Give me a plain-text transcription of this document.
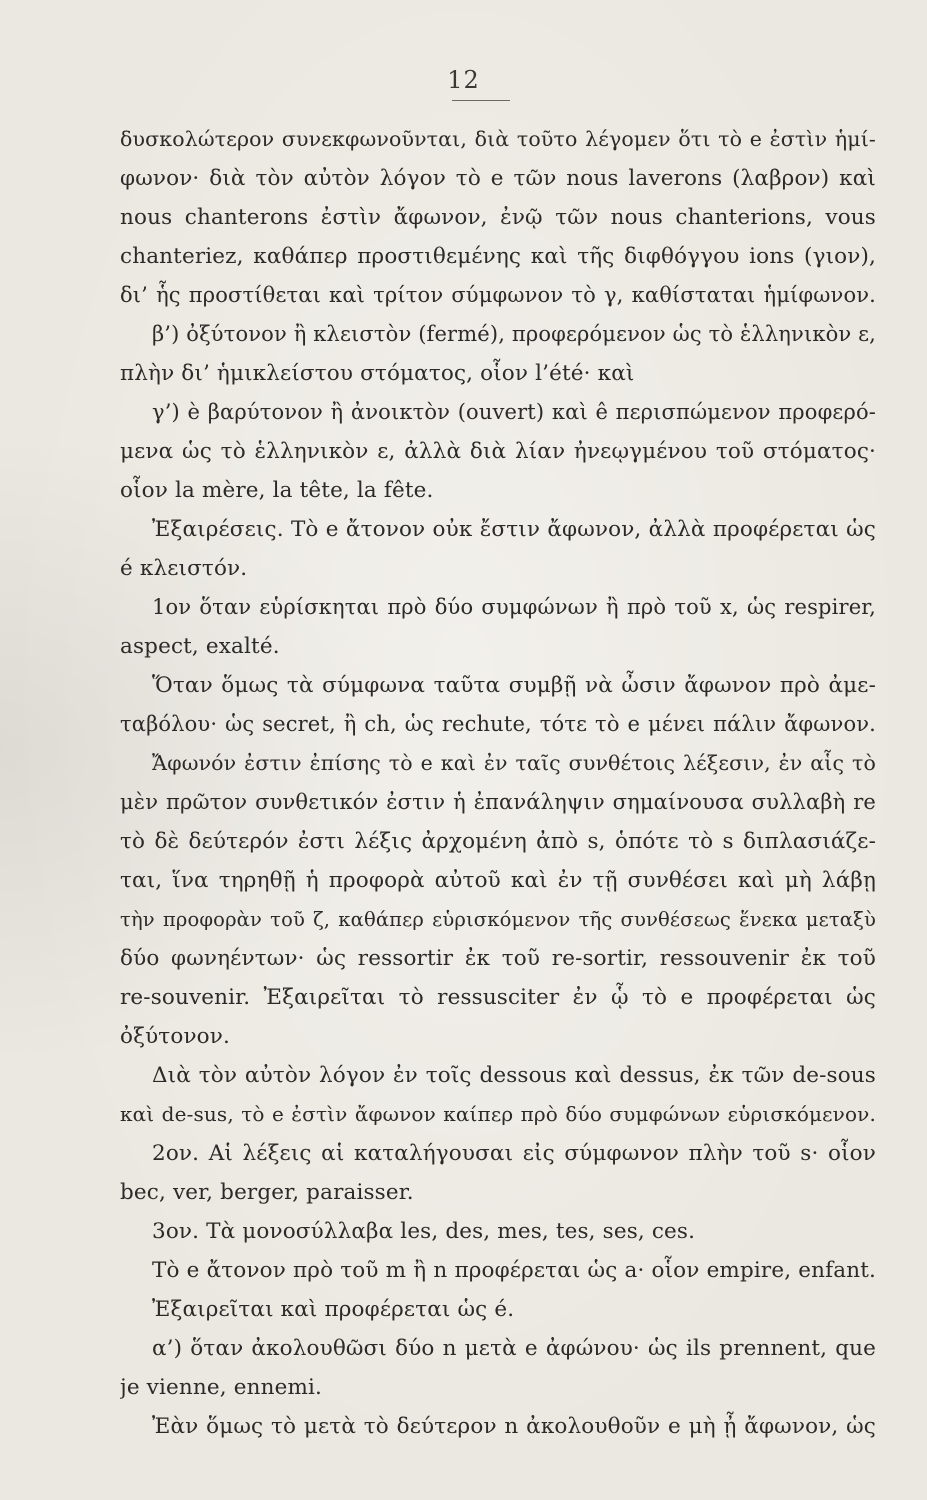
12
δυσκολώτερον συνεκφωνοῦνται, διὰ τοῦτο λέγομεν ὅτι τὸ e ἐστὶν ἡμί-
φωνον· διὰ τὸν αὐτὸν λόγον τὸ e τῶν nous laverons (λαβρον) καὶ
nous chanterons ἐστὶν ἄφωνον, ἐνῷ τῶν nous chanterions, vous
chanteriez, καθάπερ προστιθεμένης καὶ τῆς διφθόγγου ions (γιον),
δι’ ἧς προστίθεται καὶ τρίτον σύμφωνον τὸ γ, καθίσταται ἡμίφωνον.
β’) ὀξύτονον ἢ κλειστὸν (fermé), προφερόμενον ὡς τὸ ἑλληνικὸν ε,
πλὴν δι’ ἡμικλείστου στόματος, οἷον l’été· καὶ
γ’) è βαρύτονον ἢ ἀνοικτὸν (ouvert) καὶ ê περισπώμενον προφερό-
μενα ὡς τὸ ἑλληνικὸν ε, ἀλλὰ διὰ λίαν ἠνεῳγμένου τοῦ στόματος·
οἷον la mère, la tête, la fête.
Ἐξαιρέσεις. Τὸ e ἄτονον οὐκ ἔστιν ἄφωνον, ἀλλὰ προφέρεται ὡς
é κλειστόν.
1ον ὅταν εὑρίσκηται πρὸ δύο συμφώνων ἢ πρὸ τοῦ x, ὡς respirer,
aspect, exalté.
Ὅταν ὅμως τὰ σύμφωνα ταῦτα συμβῇ νὰ ὦσιν ἄφωνον πρὸ ἀμε-
ταβόλου· ὡς secret, ἢ ch, ὡς rechute, τότε τὸ e μένει πάλιν ἄφωνον.
Ἄφωνόν ἐστιν ἐπίσης τὸ e καὶ ἐν ταῖς συνθέτοις λέξεσιν, ἐν αἷς τὸ
μὲν πρῶτον συνθετικόν ἐστιν ἡ ἐπανάληψιν σημαίνουσα συλλαβὴ re
τὸ δὲ δεύτερόν ἐστι λέξις ἀρχομένη ἀπὸ s, ὁπότε τὸ s διπλασιάζε-
ται, ἵνα τηρηθῇ ἡ προφορὰ αὐτοῦ καὶ ἐν τῇ συνθέσει καὶ μὴ λάβῃ
τὴν προφορὰν τοῦ ζ, καθάπερ εὑρισκόμενον τῆς συνθέσεως ἕνεκα μεταξὺ
δύο φωνηέντων· ὡς ressortir ἐκ τοῦ re-sortir, ressouvenir ἐκ τοῦ
re-souvenir. Ἐξαιρεῖται τὸ ressusciter ἐν ᾧ τὸ e προφέρεται ὡς
ὀξύτονον.
Διὰ τὸν αὐτὸν λόγον ἐν τοῖς dessous καὶ dessus, ἐκ τῶν de-sous
καὶ de-sus, τὸ e ἐστὶν ἄφωνον καίπερ πρὸ δύο συμφώνων εὑρισκόμενον.
2ον. Αἱ λέξεις αἱ καταλήγουσαι εἰς σύμφωνον πλὴν τοῦ s· οἷον
bec, ver, berger, paraisser.
3ον. Τὰ μονοσύλλαβα les, des, mes, tes, ses, ces.
Τὸ e ἄτονον πρὸ τοῦ m ἢ n προφέρεται ὡς a· οἷον empire, enfant.
Ἐξαιρεῖται καὶ προφέρεται ὡς é.
α’) ὅταν ἀκολουθῶσι δύο n μετὰ e ἀφώνου· ὡς ils prennent, que
je vienne, ennemi.
Ἐὰν ὅμως τὸ μετὰ τὸ δεύτερον n ἀκολουθοῦν e μὴ ᾖ ἄφωνον, ὡς
